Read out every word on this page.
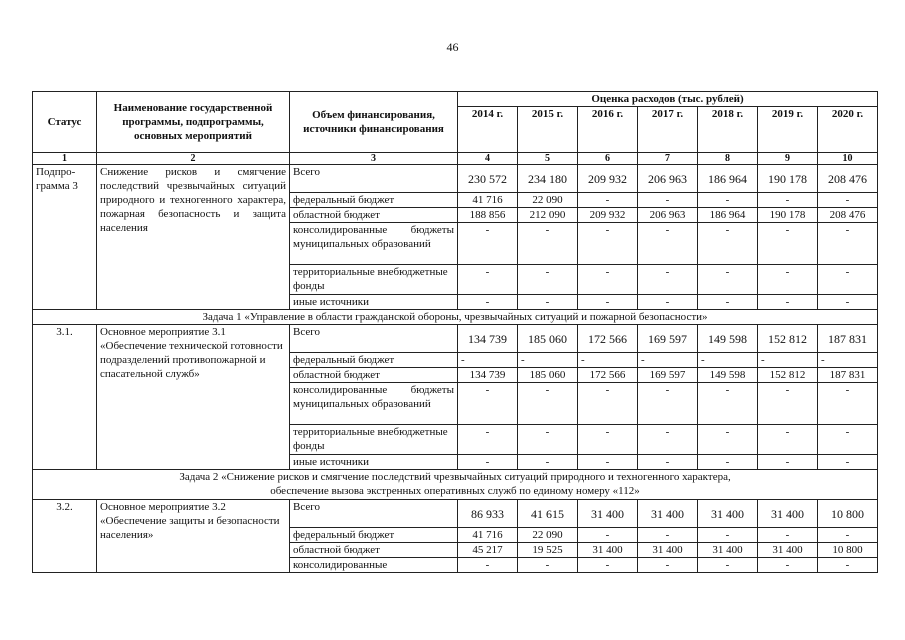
46
Статус	Наименование государственной программы, подпрограммы, основных мероприятий	Объем финансирования, источники финансирования	Оценка расходов (тыс. рублей)						
			2014 г.	2015 г.	2016 г.	2017 г.	2018 г.	2019 г.	2020 г.
1	2	3	4	5	6	7	8	9	10
Подпро-грамма 3	Снижение рисков и смягчение последствий чрезвычайных ситуаций природного и техногенного характера, пожарная безопасность и защита населения	Всего	230 572	234 180	209 932	206 963	186 964	190 178	208 476
		федеральный бюджет	41 716	22 090	-	-	-	-	-
		областной бюджет	188 856	212 090	209 932	206 963	186 964	190 178	208 476
		консолидированные бюджеты муниципальных образований	-	-	-	-	-	-	-
		территориальные внебюджетные фонды	-	-	-	-	-	-	-
		иные источники	-	-	-	-	-	-	-
Задача 1 «Управление в области гражданской обороны, чрезвычайных ситуаций и пожарной безопасности»									
3.1.	Основное мероприятие 3.1 «Обеспечение технической готовности подразделений противопожарной и спасательной служб»	Всего	134 739	185 060	172 566	169 597	149 598	152 812	187 831
		федеральный бюджет	-	-	-	-	-	-	-
		областной бюджет	134 739	185 060	172 566	169 597	149 598	152 812	187 831
		консолидированные бюджеты муниципальных образований	-	-	-	-	-	-	-
		территориальные внебюджетные фонды	-	-	-	-	-	-	-
		иные источники	-	-	-	-	-	-	-

Задача 2 «Снижение рисков и смягчение последствий чрезвычайных ситуаций природного и техногенного характера,
обеспечение вызова экстренных оперативных служб по единому номеру «112»									

3.2.	Основное мероприятие 3.2 «Обеспечение защиты и безопасности населения»	Всего	86 933	41 615	31 400	31 400	31 400	31 400	10 800
		федеральный бюджет	41 716	22 090	-	-	-	-	-
		областной бюджет	45 217	19 525	31 400	31 400	31 400	31 400	10 800
		консолидированные	-	-	-	-	-	-	-
